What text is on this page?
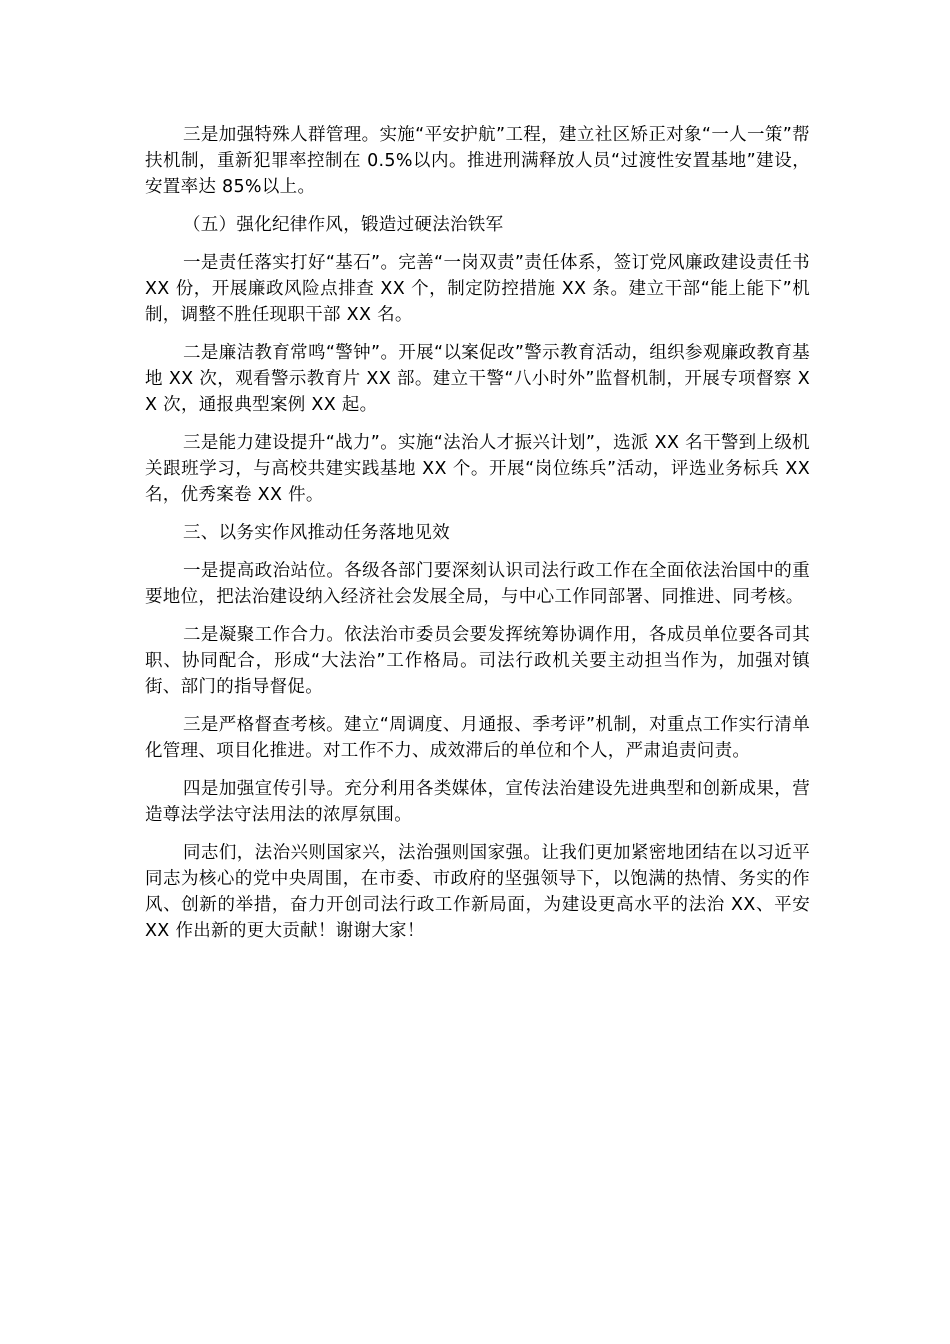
三是加强特殊人群管理。实施“平安护航”工程，建立社区矫正对象“一人一策”帮扶机制，重新犯罪率控制在 0.5%以内。推进刑满释放人员“过渡性安置基地”建设，安置率达 85%以上。

（五）强化纪律作风，锻造过硬法治铁军

一是责任落实打好“基石”。完善“一岗双责”责任体系，签订党风廉政建设责任书 XX 份，开展廉政风险点排查 XX 个，制定防控措施 XX 条。建立干部“能上能下”机制，调整不胜任现职干部 XX 名。

二是廉洁教育常鸣“警钟”。开展“以案促改”警示教育活动，组织参观廉政教育基地 XX 次，观看警示教育片 XX 部。建立干警“八小时外”监督机制，开展专项督察 XX 次，通报典型案例 XX 起。

三是能力建设提升“战力”。实施“法治人才振兴计划”，选派 XX 名干警到上级机关跟班学习，与高校共建实践基地 XX 个。开展“岗位练兵”活动，评选业务标兵 XX 名，优秀案卷 XX 件。

三、以务实作风推动任务落地见效

一是提高政治站位。各级各部门要深刻认识司法行政工作在全面依法治国中的重要地位，把法治建设纳入经济社会发展全局，与中心工作同部署、同推进、同考核。

二是凝聚工作合力。依法治市委员会要发挥统筹协调作用，各成员单位要各司其职、协同配合，形成“大法治”工作格局。司法行政机关要主动担当作为，加强对镇街、部门的指导督促。

三是严格督查考核。建立“周调度、月通报、季考评”机制，对重点工作实行清单化管理、项目化推进。对工作不力、成效滞后的单位和个人，严肃追责问责。

四是加强宣传引导。充分利用各类媒体，宣传法治建设先进典型和创新成果，营造尊法学法守法用法的浓厚氛围。

同志们，法治兴则国家兴，法治强则国家强。让我们更加紧密地团结在以习近平同志为核心的党中央周围，在市委、市政府的坚强领导下，以饱满的热情、务实的作风、创新的举措，奋力开创司法行政工作新局面，为建设更高水平的法治 XX、平安 XX 作出新的更大贡献！谢谢大家！
